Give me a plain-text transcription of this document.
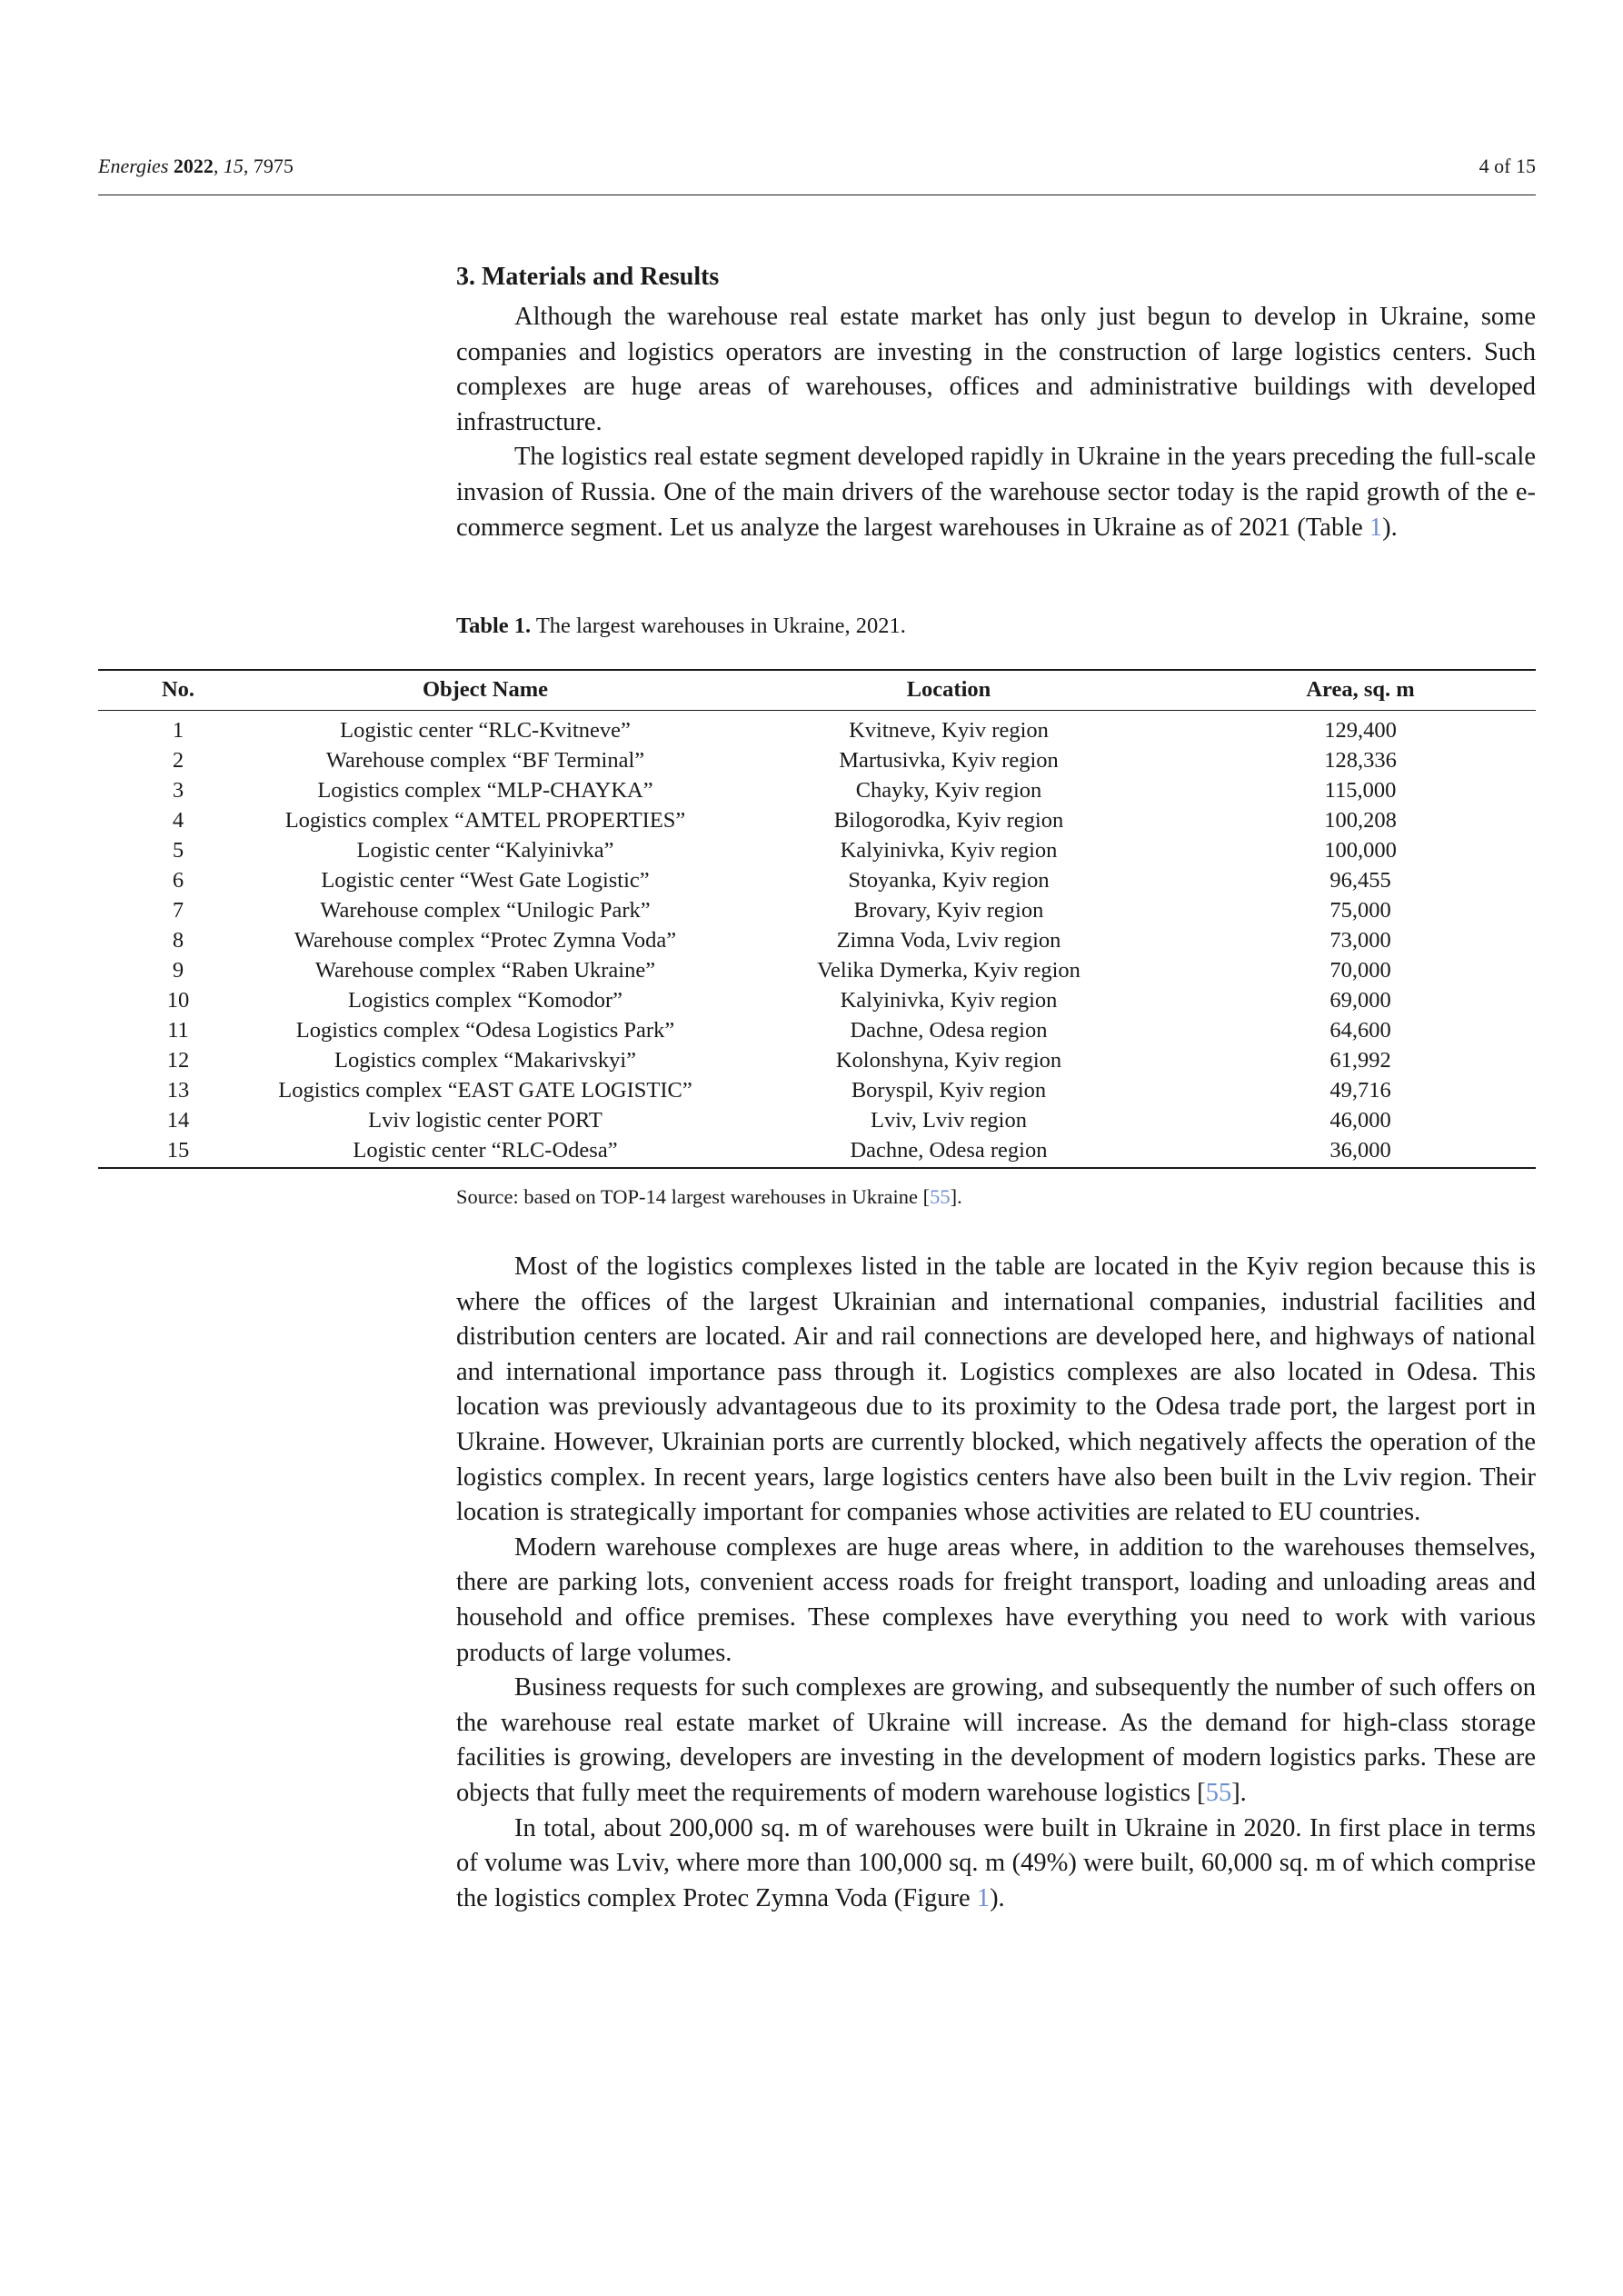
Energies 2022, 15, 7975	4 of 15
3. Materials and Results

Although the warehouse real estate market has only just begun to develop in Ukraine, some companies and logistics operators are investing in the construction of large logistics centers. Such complexes are huge areas of warehouses, offices and administrative buildings with developed infrastructure.

The logistics real estate segment developed rapidly in Ukraine in the years preceding the full-scale invasion of Russia. One of the main drivers of the warehouse sector today is the rapid growth of the e-commerce segment. Let us analyze the largest warehouses in Ukraine as of 2021 (Table 1).

Table 1. The largest warehouses in Ukraine, 2021.
No.	Object Name	Location	Area, sq. m
1	Logistic center “RLC-Kvitneve”	Kvitneve, Kyiv region	129,400
2	Warehouse complex “BF Terminal”	Martusivka, Kyiv region	128,336
3	Logistics complex “MLP-CHAYKA”	Chayky, Kyiv region	115,000
4	Logistics complex “AMTEL PROPERTIES”	Bilogorodka, Kyiv region	100,208
5	Logistic center “Kalyinivka”	Kalyinivka, Kyiv region	100,000
6	Logistic center “West Gate Logistic”	Stoyanka, Kyiv region	96,455
7	Warehouse complex “Unilogic Park”	Brovary, Kyiv region	75,000
8	Warehouse complex “Protec Zymna Voda”	Zimna Voda, Lviv region	73,000
9	Warehouse complex “Raben Ukraine”	Velika Dymerka, Kyiv region	70,000
10	Logistics complex “Komodor”	Kalyinivka, Kyiv region	69,000
11	Logistics complex “Odesa Logistics Park”	Dachne, Odesa region	64,600
12	Logistics complex “Makarivskyi”	Kolonshyna, Kyiv region	61,992
13	Logistics complex “EAST GATE LOGISTIC”	Boryspil, Kyiv region	49,716
14	Lviv logistic center PORT	Lviv, Lviv region	46,000
15	Logistic center “RLC-Odesa”	Dachne, Odesa region	36,000
Source: based on TOP-14 largest warehouses in Ukraine [55].

Most of the logistics complexes listed in the table are located in the Kyiv region because this is where the offices of the largest Ukrainian and international companies, industrial facilities and distribution centers are located. Air and rail connections are developed here, and highways of national and international importance pass through it. Logistics complexes are also located in Odesa. This location was previously advantageous due to its proximity to the Odesa trade port, the largest port in Ukraine. However, Ukrainian ports are currently blocked, which negatively affects the operation of the logistics complex. In recent years, large logistics centers have also been built in the Lviv region. Their location is strategically important for companies whose activities are related to EU countries.

Modern warehouse complexes are huge areas where, in addition to the warehouses themselves, there are parking lots, convenient access roads for freight transport, loading and unloading areas and household and office premises. These complexes have everything you need to work with various products of large volumes.

Business requests for such complexes are growing, and subsequently the number of such offers on the warehouse real estate market of Ukraine will increase. As the demand for high-class storage facilities is growing, developers are investing in the development of modern logistics parks. These are objects that fully meet the requirements of modern warehouse logistics [55].

In total, about 200,000 sq. m of warehouses were built in Ukraine in 2020. In first place in terms of volume was Lviv, where more than 100,000 sq. m (49%) were built, 60,000 sq. m of which comprise the logistics complex Protec Zymna Voda (Figure 1).
